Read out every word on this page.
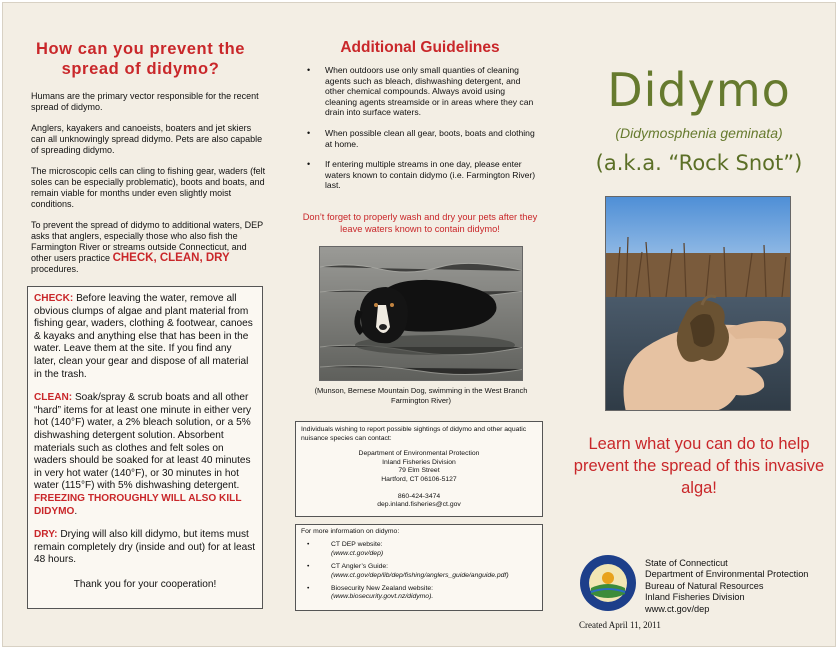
How can you prevent the spread of didymo?

Humans are the primary vector responsible for the recent spread of didymo.

Anglers, kayakers and canoeists, boaters and jet skiers can all unknowingly spread didymo. Pets are also capable of spreading didymo.

The microscopic cells can cling to fishing gear, waders (felt soles can be especially problematic), boots and boats, and remain viable for months under even slightly moist conditions.

To prevent the spread of didymo to additional waters, DEP asks that anglers, especially those who also fish the Farmington River or streams outside Connecticut, and other users practice CHECK, CLEAN, DRY procedures.

CHECK: Before leaving the water, remove all obvious clumps of algae and plant material from fishing gear, waders, clothing & footwear, canoes & kayaks and anything else that has been in the water. Leave them at the site. If you find any later, clean your gear and dispose of all material in the trash.

CLEAN: Soak/spray & scrub boats and all other “hard” items for at least one minute in either very hot (140°F) water, a 2% bleach solution, or a 5% dishwashing detergent solution. Absorbent materials such as clothes and felt soles on waders should be soaked for at least 40 minutes in very hot water (140°F), or 30 minutes in hot water (115°F) with 5% dishwashing detergent. FREEZING THOROUGHLY WILL ALSO KILL DIDYMO.

DRY: Drying will also kill didymo, but items must remain completely dry (inside and out) for at least 48 hours.

Thank you for your cooperation!

Additional Guidelines
• When outdoors use only small quanties of cleaning agents such as bleach, dishwashing detergent, and other chemical compounds. Always avoid using cleaning agents streamside or in areas where they can drain into surface waters.
• When possible clean all gear, boots, boats and clothing at home.
• If entering multiple streams in one day, please enter waters known to contain didymo (i.e. Farmington River) last.

Don’t forget to properly wash and dry your pets after they leave waters known to contain didymo!

(Munson, Bernese Mountain Dog, swimming in the West Branch Farmington River)

Individuals wishing to report possible sightings of didymo and other aquatic nuisance species can contact:

Department of Environmental Protection
Inland Fisheries Division
79 Elm Street
Hartford, CT 06106-5127
860-424-3474
dep.inland.fisheries@ct.gov

For more information on didymo:

• CT DEP website:
(www.ct.gov/dep)
• CT Angler’s Guide:
(www.ct.gov/dep/lib/dep/fishing/anglers_guide/anguide.pdf)
• Biosecurity New Zealand website:
(www.biosecurity.govt.nz/didymo).
Didymo
(Didymosphenia geminata)
(a.k.a. “Rock Snot”)

Learn what you can do to help prevent the spread of this invasive alga!

State of Connecticut
Department of Environmental Protection
Bureau of Natural Resources
Inland Fisheries Division
www.ct.gov/dep
Created April 11, 2011
